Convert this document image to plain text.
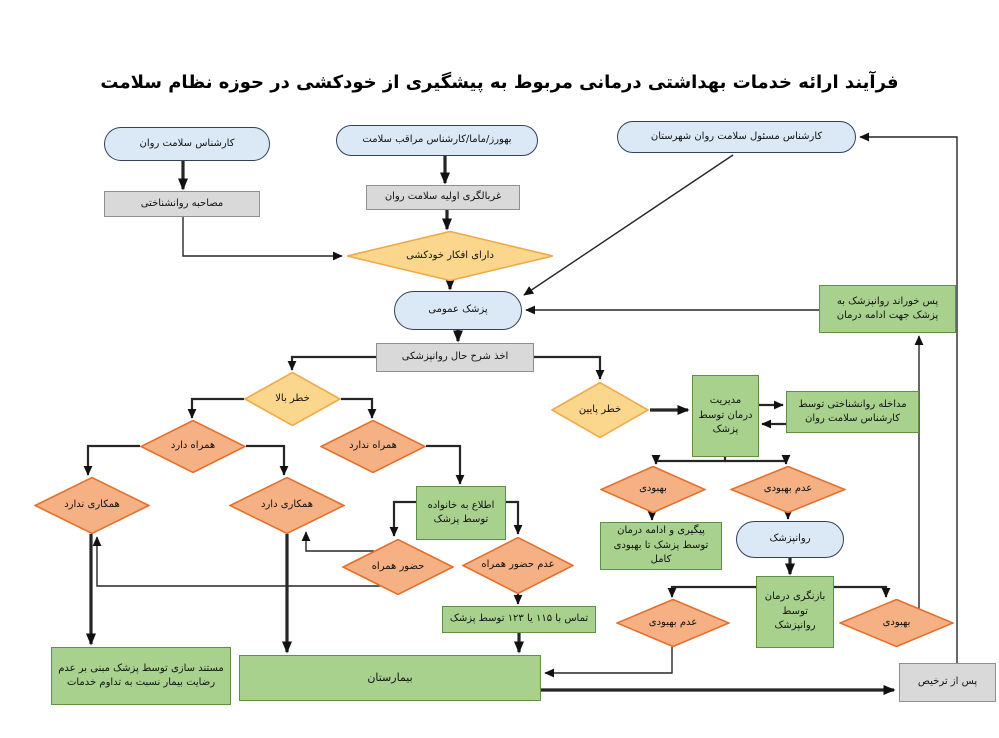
فرآیند ارائه خدمات بهداشتی درمانی مربوط به پیشگیری از خودکشی در حوزه نظام سلامت
کارشناس سلامت روان	بهورز/ماما/کارشناس مراقب سلامت	کارشناس مسئول سلامت روان شهرستان
پزشک عمومی
روانپزشک
مصاحبه روانشناختی
غربالگری اولیه سلامت روان
اخذ شرح حال روانپزشکی
پس از ترخیص
دارای افکار خودکشی
خطر بالا
خطر پایین
همراه دارد	همراه ندارد
همکاری ندارد	همکاری دارد
حضور همراه	عدم حضور همراه
بهبودی	عدم بهبودی
عدم بهبودی	بهبودی
اطلاع به خانواده توسط پزشک
تماس با ۱۱۵ یا ۱۲۳ توسط پزشک
مدیریت درمان توسط پزشک
مداخله روانشناختی توسط کارشناس سلامت روان
پس خوراند روانپزشک به پزشک جهت ادامه درمان
پیگیری و ادامه درمان توسط پزشک تا بهبودی کامل
بازنگری درمان توسط روانپزشک
مستند سازی توسط پزشک مبنی بر عدم رضایت بیمار نسبت به تداوم خدمات	بیمارستان
